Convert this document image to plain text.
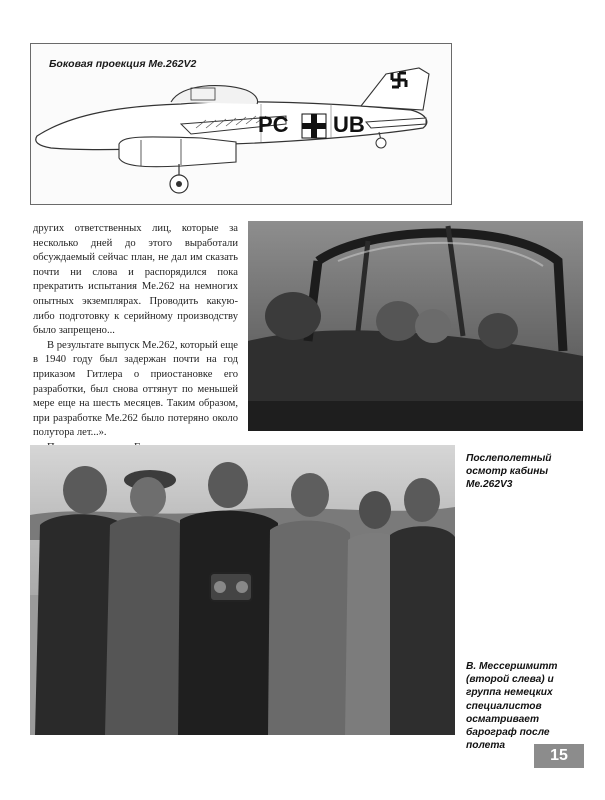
Боковая проекция Me.262V2
PC UB

других ответственных лиц, которые за несколько дней до этого выработали обсуждаемый сейчас план, не дал им сказать почти ни слова и распорядился пока прекратить испытания Me.262 на немногих опытных экземплярах. Проводить какую-либо подготовку к серийному производству было запрещено...

В результате выпуск Me.262, который еще в 1940 году был задержан почти на год приказом Гитлера о приостановке его разработки, был снова оттянут по меньшей мере еще на шесть месяцев. Таким образом, при разработке Me.262 было потеряно около полутора лет...».

Послеполетный осмотр кабины Me.262V3
В. Мессершмитт (второй слева) и группа немецких специалистов осматривает барограф после полета
15
